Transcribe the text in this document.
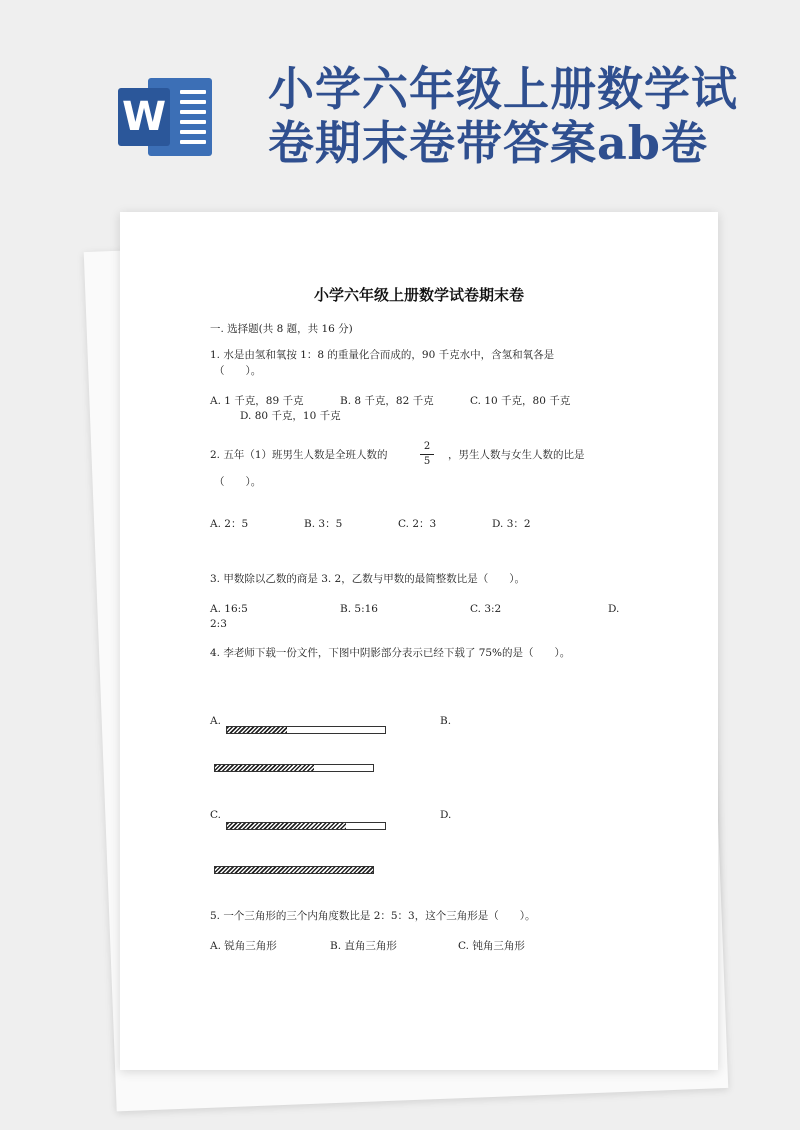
W
小学六年级上册数学试卷期末卷带答案ab卷
小学六年级上册数学试卷期末卷
一. 选择题(共 8 题，共 16 分)
1. 水是由氢和氧按 1：8 的重量化合而成的，90 千克水中，含氢和氧各是
（　　）。
A. 1 千克，89 千克	B. 8 千克，82 千克	C. 10 千克，80 千克
D. 80 千克，10 千克
2. 五年（1）班男生人数是全班人数的
2
5
，男生人数与女生人数的比是
（　　）。
A. 2：5	B. 3：5	C. 2：3	D. 3：2
3. 甲数除以乙数的商是 3. 2，乙数与甲数的最简整数比是（　　）。
A. 16:5	B. 5:16	C. 3:2	D.
2:3
4. 李老师下载一份文件，下图中阴影部分表示已经下载了 75%的是（　　）。
A.	B.
C.	D.
5. 一个三角形的三个内角度数比是 2：5：3，这个三角形是（　　）。
A. 锐角三角形	B. 直角三角形	C. 钝角三角形
